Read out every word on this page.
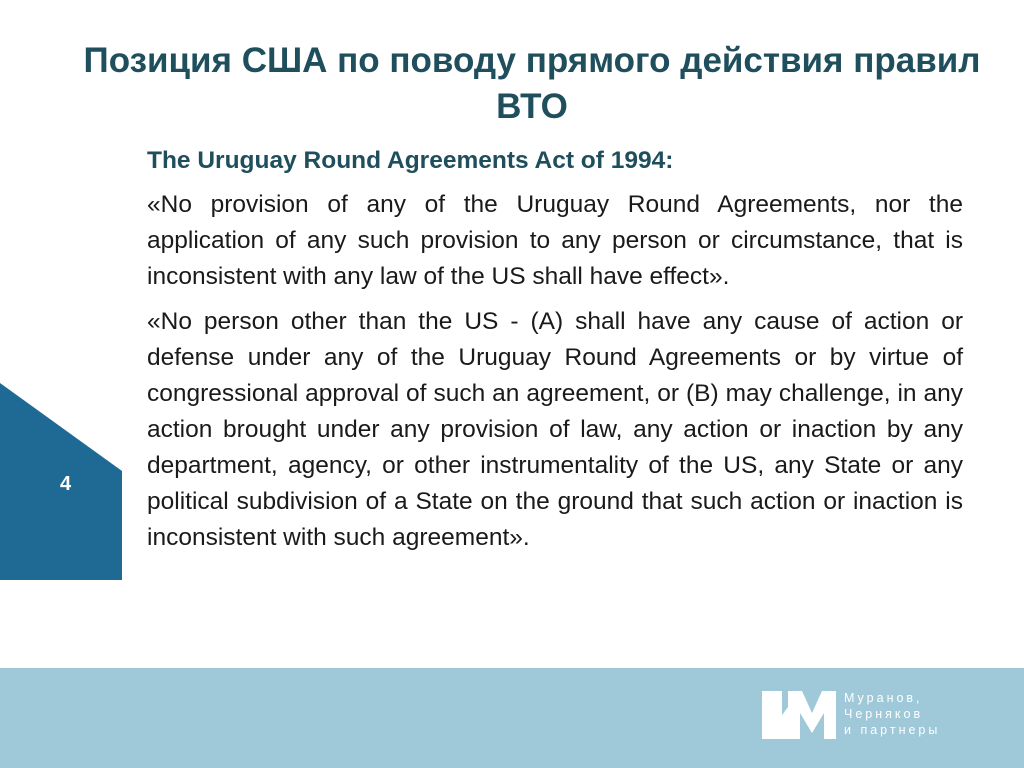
Позиция США по поводу прямого действия правил ВТО

The Uruguay Round Agreements Act of 1994:

«No provision of any of the Uruguay Round Agreements, nor the application of any such provision to any person or circumstance, that is inconsistent with any law of the US shall have effect».

«No person other than the US - (A) shall have any cause of action or defense under any of the Uruguay Round Agreements or by virtue of congressional approval of such an agreement, or (B) may challenge, in any action brought under any provision of law, any action or inaction by any department, agency, or other instrumentality of the US, any State or any political subdivision of a State on the ground that such action or inaction is inconsistent with such agreement».

4
Муранов,
Черняков
и партнеры
